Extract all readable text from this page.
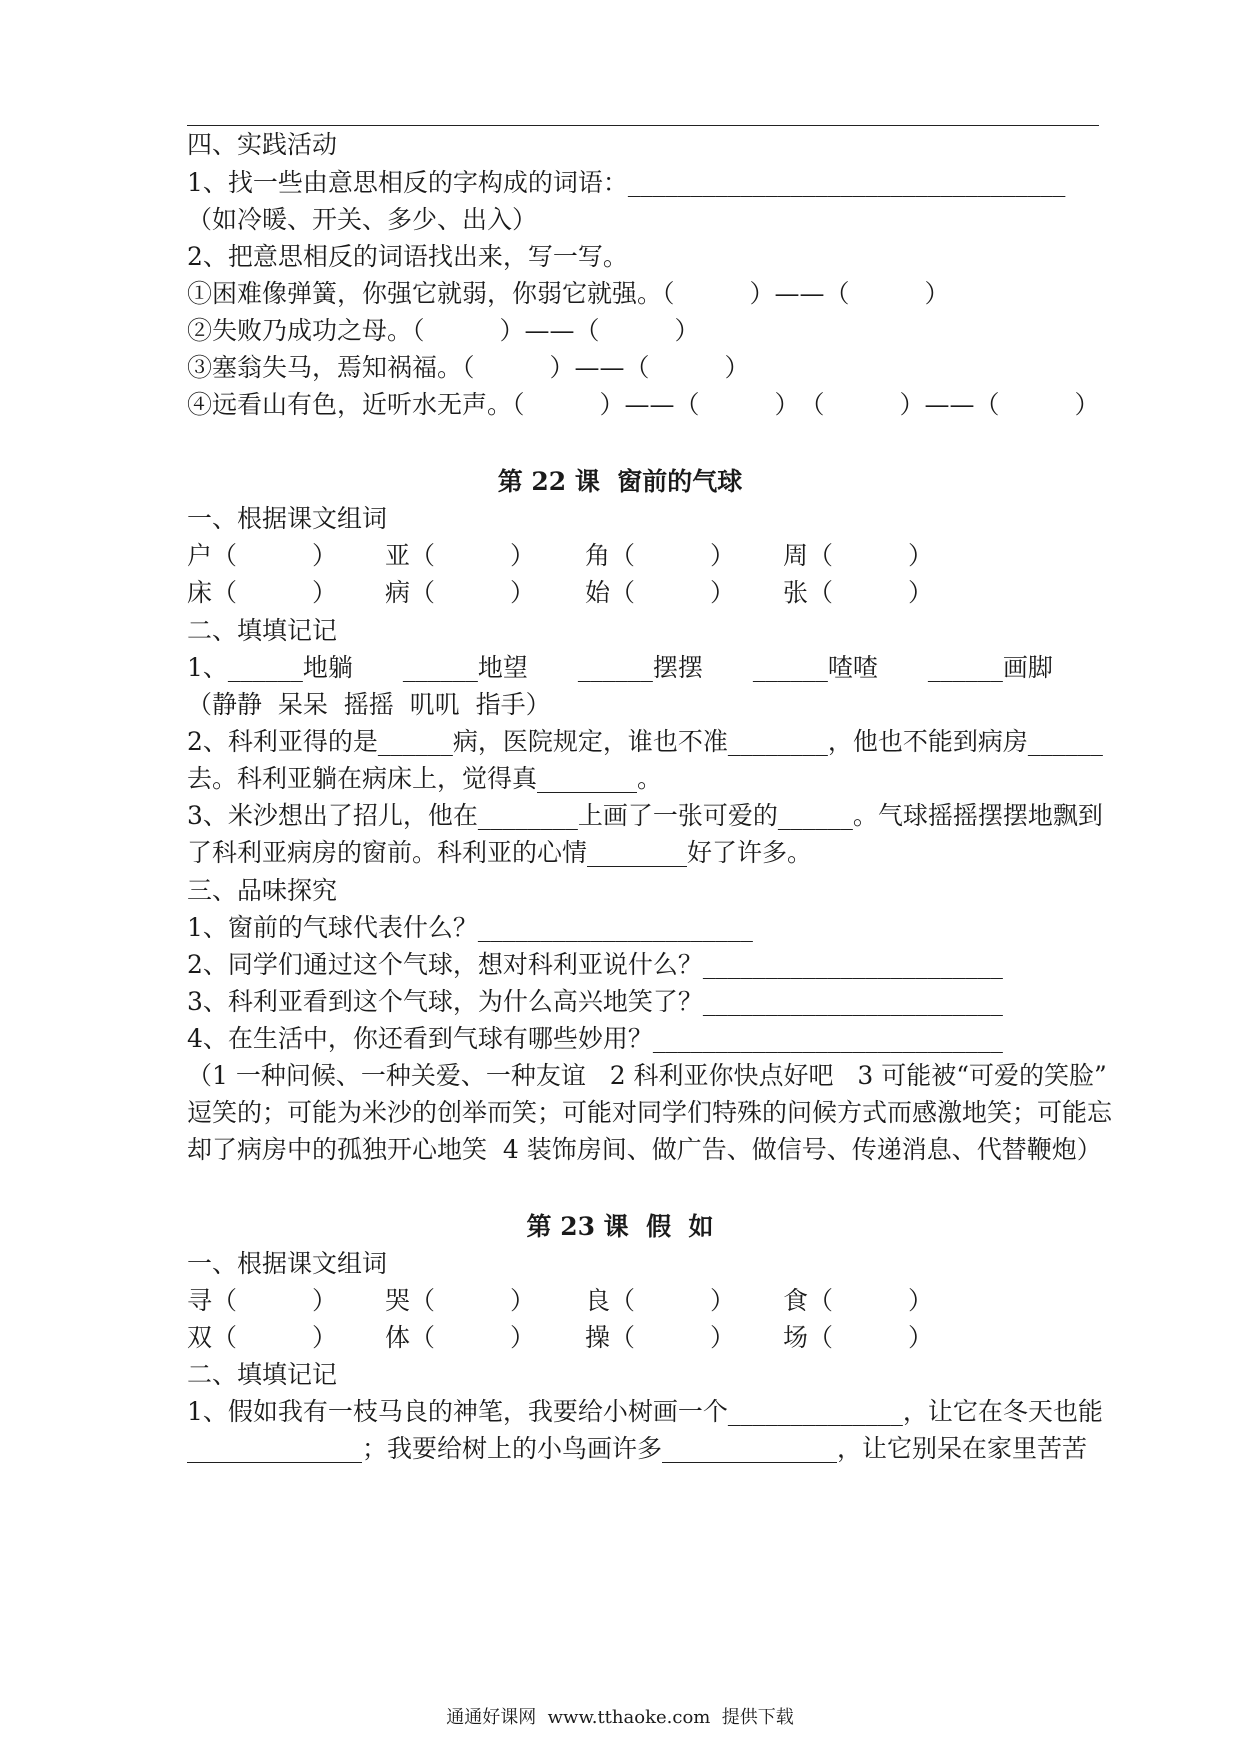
四、实践活动
1、找一些由意思相反的字构成的词语：___________________________________
（如冷暖、开关、多少、出入）
2、把意思相反的词语找出来，写一写。
①困难像弹簧，你强它就弱，你弱它就强。（　　　）——（　　　）
②失败乃成功之母。（　　　）——（　　　）
③塞翁失马，焉知祸福。（　　　）——（　　　）
④远看山有色，近听水无声。（　　　）——（　　　）　（　　　）——（　　　）
第 22 课  窗前的气球
一、根据课文组词
户（　　　） 亚（　　　） 角（　　　） 周（　　　）
床（　　　） 病（　　　） 始（　　　） 张（　　　）
二、填填记记
1、______地躺　　______地望　　______摆摆　　______喳喳　　______画脚
（静静  呆呆  摇摇  叽叽  指手）
2、科利亚得的是______病，医院规定，谁也不准________，他也不能到病房______
去。科利亚躺在病床上，觉得真________。
3、米沙想出了招儿，他在________上画了一张可爱的______。气球摇摇摆摆地飘到
了科利亚病房的窗前。科利亚的心情________好了许多。
三、品味探究
1、窗前的气球代表什么？______________________
2、同学们通过这个气球，想对科利亚说什么？________________________
3、科利亚看到这个气球，为什么高兴地笑了？________________________
4、在生活中，你还看到气球有哪些妙用？____________________________
（1 一种问候、一种关爱、一种友谊   2 科利亚你快点好吧   3 可能被“可爱的笑脸”
逗笑的；可能为米沙的创举而笑；可能对同学们特殊的问候方式而感激地笑；可能忘
却了病房中的孤独开心地笑  4 装饰房间、做广告、做信号、传递消息、代替鞭炮）
第 23 课  假  如
一、根据课文组词
寻（　　　） 哭（　　　） 良（　　　） 食（　　　）
双（　　　） 体（　　　） 操（　　　） 场（　　　）
二、填填记记
1、假如我有一枝马良的神笔，我要给小树画一个______________，让它在冬天也能
______________；我要给树上的小鸟画许多______________，让它别呆在家里苦苦
通通好课网  www.tthaoke.com  提供下载
